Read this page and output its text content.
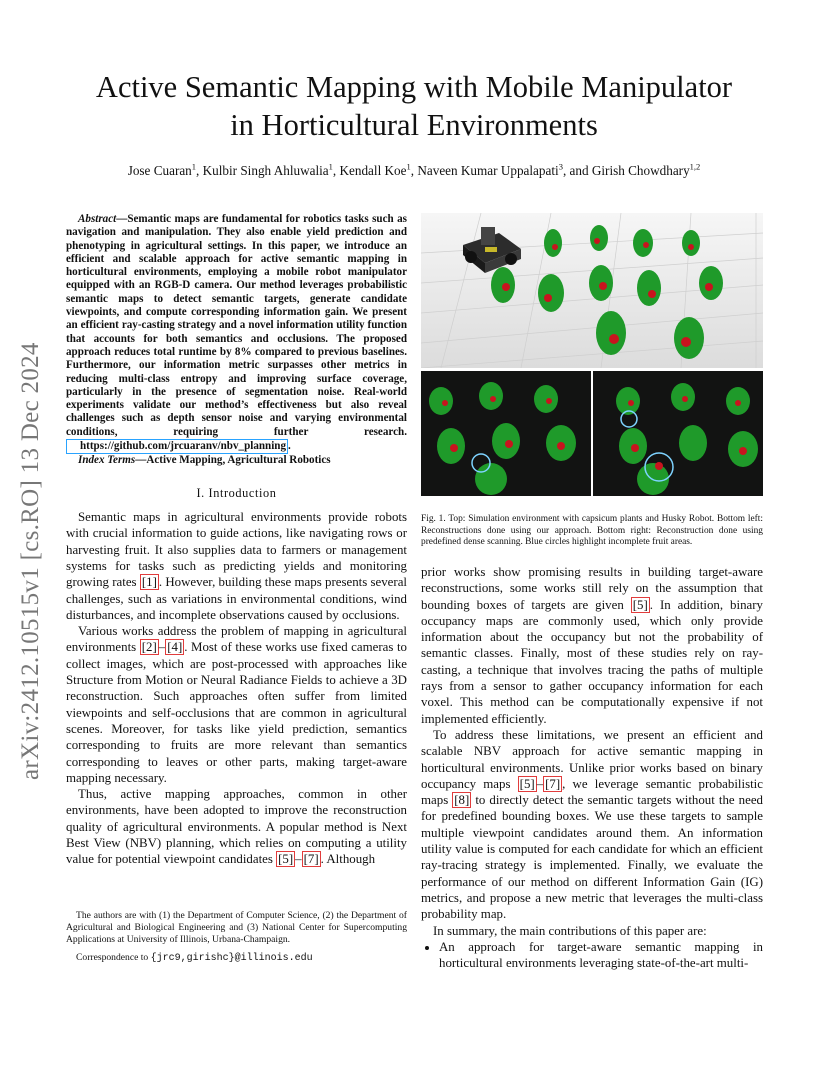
Active Semantic Mapping with Mobile Manipulator
in Horticultural Environments
Jose Cuaran$^1$, Kulbir Singh Ahluwalia$^1$, Kendall Koe$^1$, Naveen Kumar Uppalapati$^3$, and Girish Chowdhary$^{1,2}$
arXiv:2412.10515v1 [cs.RO] 13 Dec 2024

Abstract—Semantic maps are fundamental for robotics tasks such as navigation and manipulation. They also enable yield prediction and phenotyping in agricultural settings. In this paper, we introduce an efficient and scalable approach for active semantic mapping in horticultural environments, employing a mobile robot manipulator equipped with an RGB-D camera. Our method leverages probabilistic semantic maps to detect semantic targets, generate candidate viewpoints, and compute corresponding information gain. We present an efficient ray-casting strategy and a novel information utility function that accounts for both semantics and occlusions. The proposed approach reduces total runtime by 8% compared to previous baselines. Furthermore, our information metric surpasses other metrics in reducing multi-class entropy and improving surface coverage, particularly in the presence of segmentation noise. Real-world experiments validate our method’s effectiveness but also reveal challenges such as depth sensor noise and varying environmental conditions, requiring further research. https://github.com/jrcuaranv/nbv_planning .

Index Terms—Active Mapping, Agricultural Robotics

I. Introduction

Semantic maps in agricultural environments provide robots with crucial information to guide actions, like navigating rows or harvesting fruit. It also supplies data to farmers or management systems for tasks such as predicting yields and monitoring growing rates [1] . However, building these maps presents several challenges, such as variations in environmental conditions, wind disturbances, and incomplete observations caused by occlusions.

Various works address the problem of mapping in agricultural environments [2] – [4] . Most of these works use fixed cameras to collect images, which are post-processed with approaches like Structure from Motion or Neural Radiance Fields to achieve a 3D reconstruction. Such approaches often suffer from limited viewpoints and self-occlusions that are common in agricultural scenes. Moreover, for tasks like yield prediction, semantics corresponding to fruits are more relevant than semantics corresponding to leaves or other parts, making target-aware mapping necessary.

Thus, active mapping approaches, common in other environments, have been adopted to improve the reconstruction quality of agricultural environments. A popular method is Next Best View (NBV) planning, which relies on computing a utility value for potential viewpoint candidates [5] – [7] . Although

The authors are with (1) the Department of Computer Science, (2) the Department of Agricultural and Biological Engineering and (3) National Center for Supercomputing Applications at University of Illinois, Urbana-Champaign.

Correspondence to {jrc9,girishc}@illinois.edu

Fig. 1. Top: Simulation environment with capsicum plants and Husky Robot. Bottom left: Reconstructions done using our approach. Bottom right: Reconstruction done using predefined dense scanning. Blue circles highlight incomplete fruit areas.

prior works show promising results in building target-aware reconstructions, some works still rely on the assumption that bounding boxes of targets are given [5] . In addition, binary occupancy maps are commonly used, which only provide information about the occupancy but not the probability of semantic classes. Finally, most of these studies rely on ray-casting, a technique that involves tracing the paths of multiple rays from a sensor to gather occupancy information for each voxel. This method can be computationally expensive if not implemented efficiently.

To address these limitations, we present an efficient and scalable NBV approach for active semantic mapping in horticultural environments. Unlike prior works based on binary occupancy maps [5] – [7] , we leverage semantic probabilistic maps [8] to directly detect the semantic targets without the need for predefined bounding boxes. We use these targets to sample multiple viewpoint candidates around them. An information utility value is computed for each candidate for which an efficient ray-tracing strategy is implemented. Finally, we evaluate the performance of our method on different Information Gain (IG) metrics, and propose a new metric that leverages the multi-class probability map.

In summary, the main contributions of this paper are:

• An approach for target-aware semantic mapping in horticultural environments leveraging state-of-the-art multi-
